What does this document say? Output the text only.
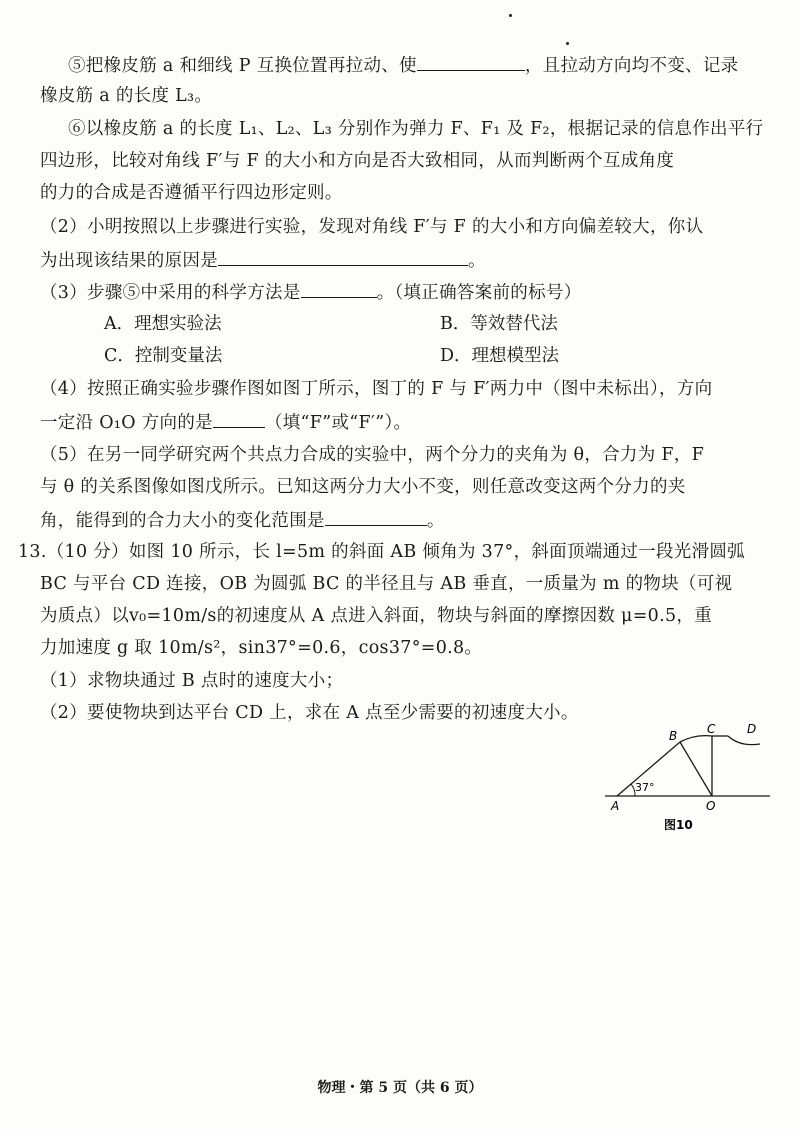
⑤把橡皮筋 a 和细线 P 互换位置再拉动、使	，且拉动方向均不变、记录
橡皮筋 a 的长度 L₃。
⑥以橡皮筋 a 的长度 L₁、L₂、L₃ 分别作为弹力 F、F₁ 及 F₂，根据记录的信息作出平行
四边形，比较对角线 F′与 F 的大小和方向是否大致相同，从而判断两个互成角度
的力的合成是否遵循平行四边形定则。
（2）小明按照以上步骤进行实验，发现对角线 F′与 F 的大小和方向偏差较大，你认
为出现该结果的原因是	。
（3）步骤⑤中采用的科学方法是	。（填正确答案前的标号）
A．理想实验法	B．等效替代法
C．控制变量法	D．理想模型法
（4）按照正确实验步骤作图如图丁所示，图丁的 F 与 F′两力中（图中未标出），方向
一定沿 O₁O 方向的是	（填“F”或“F′”）。
（5）在另一同学研究两个共点力合成的实验中，两个分力的夹角为 θ，合力为 F，F
与 θ 的关系图像如图戊所示。已知这两分力大小不变，则任意改变这两个分力的夹
角，能得到的合力大小的变化范围是	。
13.（10 分）如图 10 所示，长 l=5m 的斜面 AB 倾角为 37°，斜面顶端通过一段光滑圆弧
BC 与平台 CD 连接，OB 为圆弧 BC 的半径且与 AB 垂直，一质量为 m 的物块（可视
为质点）以v₀=10m/s的初速度从 A 点进入斜面，物块与斜面的摩擦因数 μ=0.5，重
力加速度 g 取 10m/s²，sin37°=0.6，cos37°=0.8。
（1）求物块通过 B 点时的速度大小；
（2）要使物块到达平台 CD 上，求在 A 点至少需要的初速度大小。
37°
A
B C	D
O
图10
物理・第 5 页（共 6 页）
